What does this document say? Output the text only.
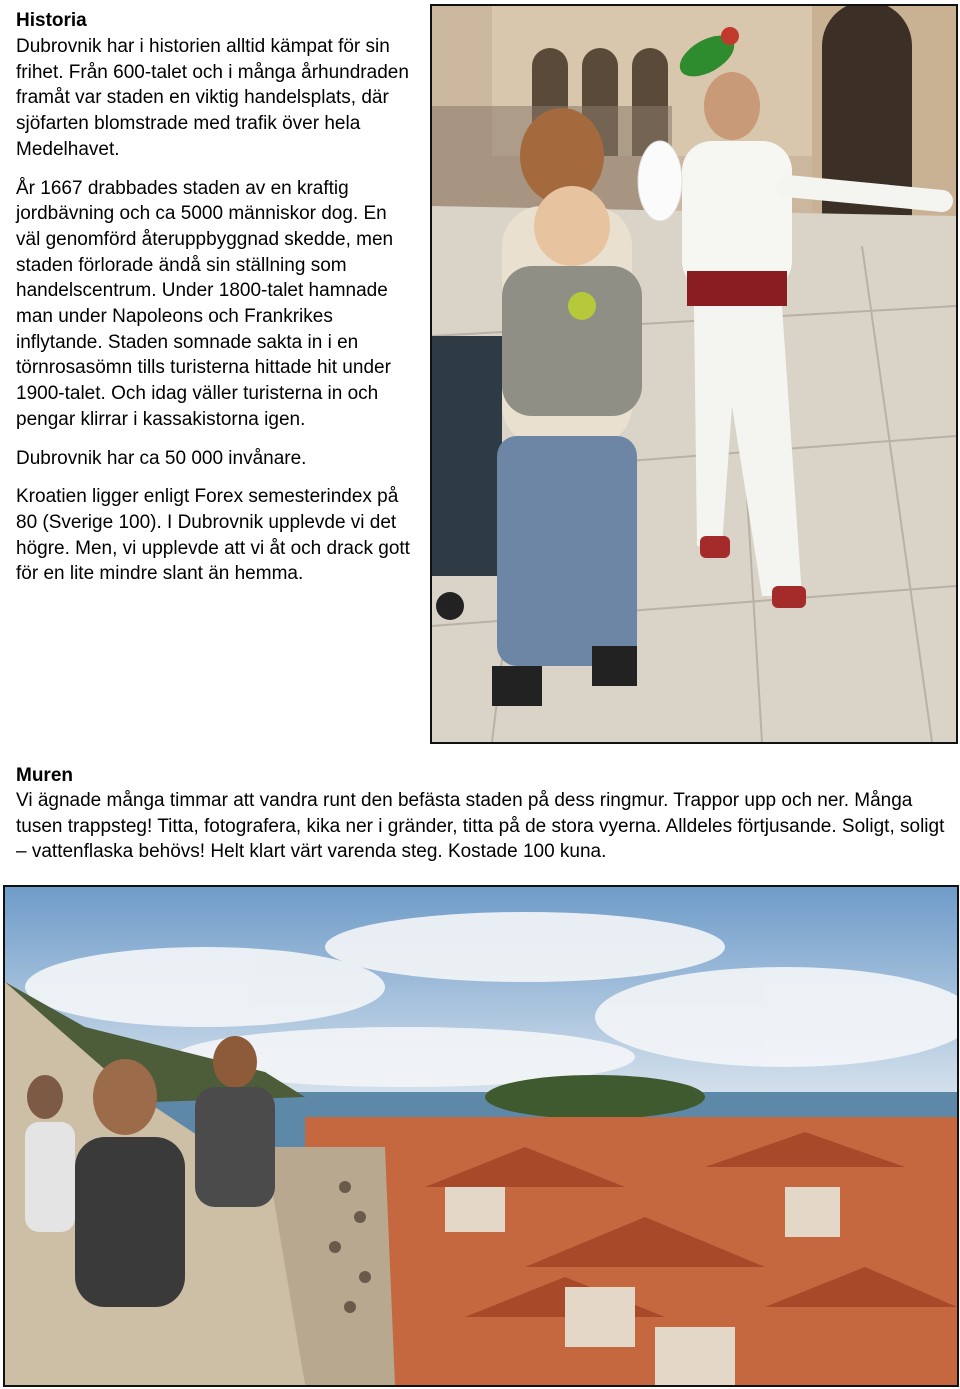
Historia

Dubrovnik har i historien alltid kämpat för sin frihet. Från 600-talet och i många århundraden framåt var staden en viktig handelsplats, där sjöfarten blomstrade med trafik över hela Medelhavet.

År 1667 drabbades staden av en kraftig jordbävning och ca 5000 människor dog. En väl genomförd återuppbyggnad skedde, men staden förlorade ändå sin ställning som handelscentrum. Under 1800-talet hamnade man under Napoleons och Frankrikes inflytande. Staden somnade sakta in i en törnrosasömn tills turisterna hittade hit under 1900-talet. Och idag väller turisterna in och pengar klirrar i kassakistorna igen.

Dubrovnik har ca 50 000 invånare.

Kroatien ligger enligt Forex semesterindex på 80 (Sverige 100). I Dubrovnik upplevde vi det högre. Men, vi upplevde att vi åt och drack gott för en lite mindre slant än hemma.

Muren

Vi ägnade många timmar att vandra runt den befästa staden på dess ringmur. Trappor upp och ner. Många tusen trappsteg! Titta, fotografera, kika ner i gränder, titta på de stora vyerna. Alldeles förtjusande. Soligt, soligt – vattenflaska behövs! Helt klart värt varenda steg. Kostade 100 kuna.
